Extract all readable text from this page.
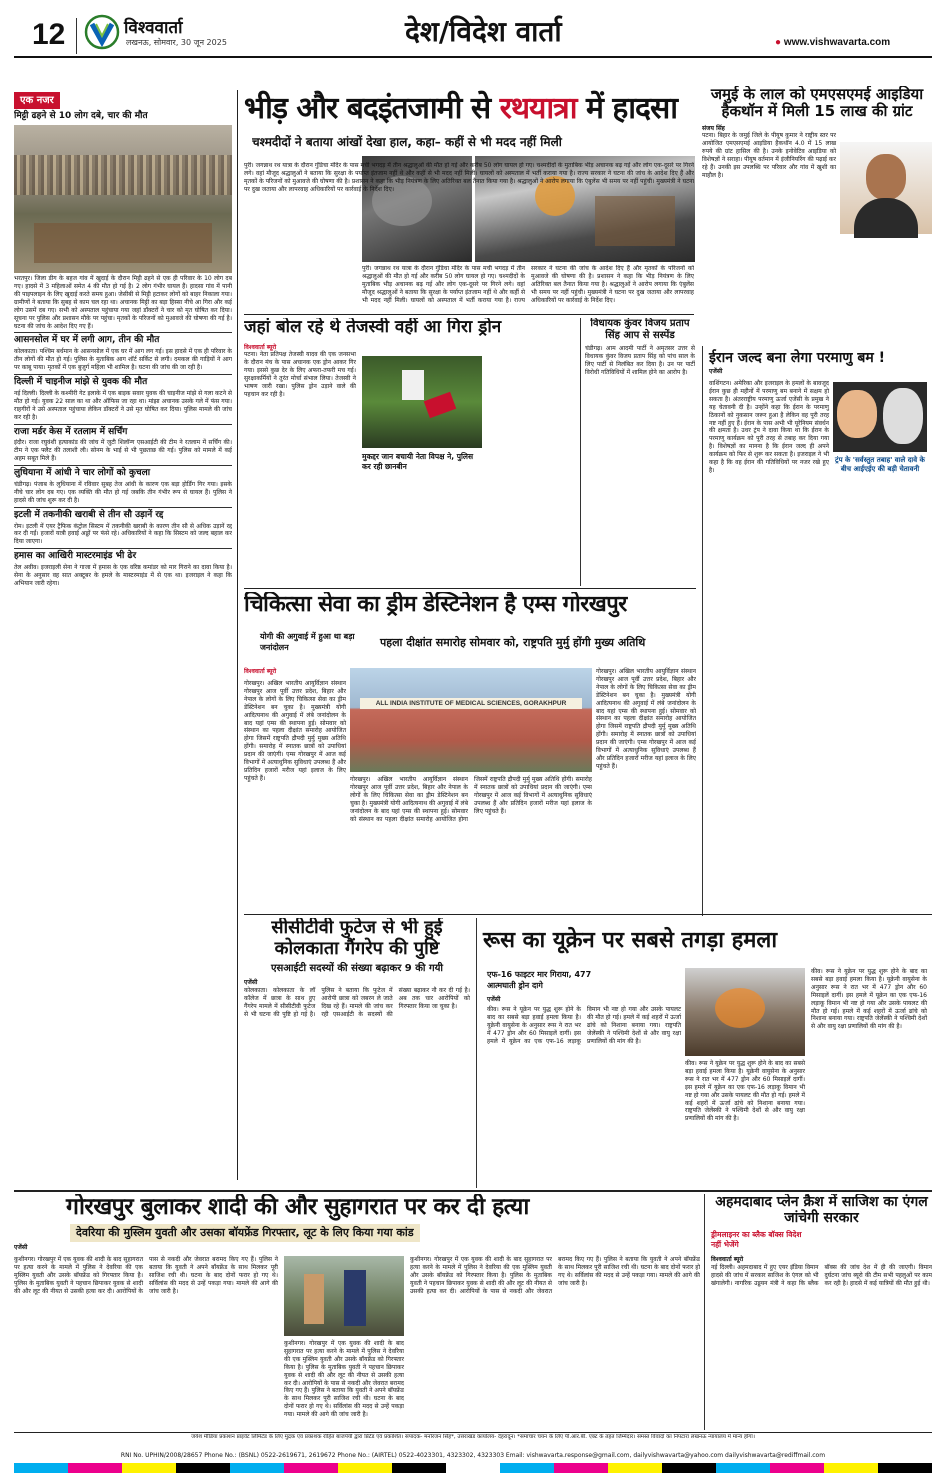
12	विश्ववार्ता
लखनऊ, सोमवार, 30 जून 2025	देश/विदेश वार्ता	● www.vishwavarta.com
एक नजर
मिट्टी ढहने से 10 लोग दबे, चार की मौत
भरतपुर। जिला डीग के बहज गांव में खुदाई के दौरान मिट्टी ढहने से एक ही परिवार के 10 लोग दब गए। हादसे में 3 महिलाओं समेत 4 की मौत हो गई है। 2 लोग गंभीर घायल हैं। हादसा गांव में पानी की पाइपलाइन के लिए खुदाई करते समय हुआ। जेसीबी से मिट्टी हटाकर लोगों को बाहर निकाला गया। ग्रामीणों ने बताया कि सुबह से काम चल रहा था। अचानक मिट्टी का बड़ा हिस्सा नीचे आ गिरा और कई लोग उसमें दब गए। सभी को अस्पताल पहुंचाया गया जहां डॉक्टरों ने चार को मृत घोषित कर दिया। सूचना पर पुलिस और प्रशासन मौके पर पहुंचा। मृतकों के परिजनों को मुआवजे की घोषणा की गई है। घटना की जांच के आदेश दिए गए हैं।
आसनसोल में घर में लगी आग, तीन की मौत
कोलकाता। पश्चिम बर्धमान के आसनसोल में एक घर में आग लग गई। इस हादसे में एक ही परिवार के तीन लोगों की मौत हो गई। पुलिस के मुताबिक आग शॉर्ट सर्किट से लगी। दमकल की गाड़ियों ने आग पर काबू पाया। मृतकों में एक बुजुर्ग महिला भी शामिल है। घटना की जांच की जा रही है।
दिल्ली में चाइनीज मांझे से युवक की मौत
नई दिल्ली। दिल्ली के कश्मीरी गेट इलाके में एक बाइक सवार युवक की चाइनीज मांझे से गला कटने से मौत हो गई। युवक 22 साल का था और ऑफिस जा रहा था। मांझा अचानक उसके गले में फंस गया। राहगीरों ने उसे अस्पताल पहुंचाया लेकिन डॉक्टरों ने उसे मृत घोषित कर दिया। पुलिस मामले की जांच कर रही है।
राजा मर्डर केस में रतलाम में सर्चिंग
इंदौर। राजा रघुवंशी हत्याकांड की जांच में जुटी शिलॉन्ग एसआईटी की टीम ने रतलाम में सर्चिंग की। टीम ने एक फ्लैट की तलाशी ली। सोनम के भाई से भी पूछताछ की गई। पुलिस को मामले में कई अहम सबूत मिले हैं।
लुधियाना में आंधी ने चार लोगों को कुचला
चंडीगढ़। पंजाब के लुधियाना में रविवार सुबह तेज आंधी के कारण एक बड़ा होर्डिंग गिर गया। इसके नीचे चार लोग दब गए। एक व्यक्ति की मौत हो गई जबकि तीन गंभीर रूप से घायल हैं। पुलिस ने हादसे की जांच शुरू कर दी है।
इटली में तकनीकी खराबी से तीन सौ उड़ानें रद्द
रोम। इटली में एयर ट्रैफिक कंट्रोल सिस्टम में तकनीकी खराबी के कारण तीन सौ से अधिक उड़ानें रद्द कर दी गईं। हजारों यात्री हवाई अड्डों पर फंसे रहे। अधिकारियों ने कहा कि सिस्टम को जल्द बहाल कर दिया जाएगा।
हमास का आखिरी मास्टरमाइंड भी ढेर
तेल अवीव। इजराइली सेना ने गाजा में हमास के एक वरिष्ठ कमांडर को मार गिराने का दावा किया है। सेना के अनुसार वह सात अक्टूबर के हमले के मास्टरमाइंड में से एक था। इजराइल ने कहा कि अभियान जारी रहेगा।
भीड़ और बदइंतजामी से रथयात्रा में हादसा
चश्मदीदों ने बताया आंखों देखा हाल, कहा– कहीं से भी मदद नहीं मिली
पुरी। जगन्नाथ रथ यात्रा के दौरान गुंडिचा मंदिर के पास मची भगदड़ में तीन श्रद्धालुओं की मौत हो गई और करीब 50 लोग घायल हो गए। चश्मदीदों के मुताबिक भीड़ अचानक बढ़ गई और लोग एक-दूसरे पर गिरने लगे। वहां मौजूद श्रद्धालुओं ने बताया कि सुरक्षा के पर्याप्त इंतजाम नहीं थे और कहीं से भी मदद नहीं मिली। घायलों को अस्पताल में भर्ती कराया गया है। राज्य सरकार ने घटना की जांच के आदेश दिए हैं और मृतकों के परिजनों को मुआवजे की घोषणा की है। प्रशासन ने कहा कि भीड़ नियंत्रण के लिए अतिरिक्त बल तैनात किया गया है। श्रद्धालुओं ने आरोप लगाया कि एंबुलेंस भी समय पर नहीं पहुंची। मुख्यमंत्री ने घटना पर दुख जताया और लापरवाह अधिकारियों पर कार्रवाई के निर्देश दिए।
पुरी। जगन्नाथ रथ यात्रा के दौरान गुंडिचा मंदिर के पास मची भगदड़ में तीन श्रद्धालुओं की मौत हो गई और करीब 50 लोग घायल हो गए। चश्मदीदों के मुताबिक भीड़ अचानक बढ़ गई और लोग एक-दूसरे पर गिरने लगे। वहां मौजूद श्रद्धालुओं ने बताया कि सुरक्षा के पर्याप्त इंतजाम नहीं थे और कहीं से भी मदद नहीं मिली। घायलों को अस्पताल में भर्ती कराया गया है। राज्य सरकार ने घटना की जांच के आदेश दिए हैं और मृतकों के परिजनों को मुआवजे की घोषणा की है। प्रशासन ने कहा कि भीड़ नियंत्रण के लिए अतिरिक्त बल तैनात किया गया है। श्रद्धालुओं ने आरोप लगाया कि एंबुलेंस भी समय पर नहीं पहुंची। मुख्यमंत्री ने घटना पर दुख जताया और लापरवाह अधिकारियों पर कार्रवाई के निर्देश दिए।
जमुई के लाल को एमएसएमई आइडिया हैकथॉन में मिली 15 लाख की ग्रांट
संजय सिंह
पटना। बिहार के जमुई जिले के पीयूष कुमार ने राष्ट्रीय स्तर पर आयोजित एमएसएमई आइडिया हैकथॉन 4.0 में 15 लाख रुपये की ग्रांट हासिल की है। उनके इनोवेटिव आइडिया को विशेषज्ञों ने सराहा। पीयूष वर्तमान में इंजीनियरिंग की पढ़ाई कर रहे हैं। उनकी इस उपलब्धि पर परिवार और गांव में खुशी का माहौल है।
जहां बोल रहे थे तेजस्वी वहीं आ गिरा ड्रोन
विश्ववार्ता ब्यूरो
पटना। नेता प्रतिपक्ष तेजस्वी यादव की एक जनसभा के दौरान मंच के पास अचानक एक ड्रोन आकर गिर गया। इससे कुछ देर के लिए अफरा-तफरी मच गई। सुरक्षाकर्मियों ने तुरंत मोर्चा संभाल लिया। तेजस्वी ने भाषण जारी रखा। पुलिस ड्रोन उड़ाने वाले की पहचान कर रही है।
मुकद्दर जान बचायी नेता विपक्ष ने, पुलिस कर रही छानबीन
विधायक कुंवर विजय प्रताप सिंह आप से सस्पेंड
चंडीगढ़। आम आदमी पार्टी ने अमृतसर उत्तर से विधायक कुंवर विजय प्रताप सिंह को पांच साल के लिए पार्टी से निलंबित कर दिया है। उन पर पार्टी विरोधी गतिविधियों में शामिल होने का आरोप है।
ईरान जल्द बना लेगा परमाणु बम !
एजेंसी
ट्रंप के 'सर्वस्तुत तबाह' वाले दावे के बीच आईएईए की बड़ी चेतावनी
वाशिंगटन। अमेरिका और इजराइल के हमलों के बावजूद ईरान कुछ ही महीनों में परमाणु बम बनाने में सक्षम हो सकता है। अंतरराष्ट्रीय परमाणु ऊर्जा एजेंसी के प्रमुख ने यह चेतावनी दी है। उन्होंने कहा कि ईरान के परमाणु ठिकानों को नुकसान जरूर हुआ है लेकिन वह पूरी तरह नष्ट नहीं हुए हैं। ईरान के पास अभी भी यूरेनियम संवर्धन की क्षमता है। उधर ट्रंप ने दावा किया था कि ईरान के परमाणु कार्यक्रम को पूरी तरह से तबाह कर दिया गया है। विशेषज्ञों का मानना है कि ईरान जल्द ही अपने कार्यक्रम को फिर से शुरू कर सकता है। इजराइल ने भी कहा है कि वह ईरान की गतिविधियों पर नजर रखे हुए है।
चिकित्सा सेवा का ड्रीम डेस्टिनेशन है एम्स गोरखपुर
योगी की अगुवाई में हुआ था बड़ा जनांदोलन	पहला दीक्षांत समारोह सोमवार को, राष्ट्रपति मुर्मु होंगी मुख्य अतिथि
विश्ववार्ता ब्यूरो
गोरखपुर। अखिल भारतीय आयुर्विज्ञान संस्थान गोरखपुर आज पूर्वी उत्तर प्रदेश, बिहार और नेपाल के लोगों के लिए चिकित्सा सेवा का ड्रीम डेस्टिनेशन बन चुका है। मुख्यमंत्री योगी आदित्यनाथ की अगुवाई में लंबे जनांदोलन के बाद यहां एम्स की स्थापना हुई। सोमवार को संस्थान का पहला दीक्षांत समारोह आयोजित होगा जिसमें राष्ट्रपति द्रौपदी मुर्मु मुख्य अतिथि होंगी। समारोह में स्नातक छात्रों को उपाधियां प्रदान की जाएंगी। एम्स गोरखपुर में आज कई विभागों में अत्याधुनिक सुविधाएं उपलब्ध हैं और प्रतिदिन हजारों मरीज यहां इलाज के लिए पहुंचते हैं।
ALL INDIA INSTITUTE OF MEDICAL SCIENCES, GORAKHPUR
गोरखपुर। अखिल भारतीय आयुर्विज्ञान संस्थान गोरखपुर आज पूर्वी उत्तर प्रदेश, बिहार और नेपाल के लोगों के लिए चिकित्सा सेवा का ड्रीम डेस्टिनेशन बन चुका है। मुख्यमंत्री योगी आदित्यनाथ की अगुवाई में लंबे जनांदोलन के बाद यहां एम्स की स्थापना हुई। सोमवार को संस्थान का पहला दीक्षांत समारोह आयोजित होगा जिसमें राष्ट्रपति द्रौपदी मुर्मु मुख्य अतिथि होंगी। समारोह में स्नातक छात्रों को उपाधियां प्रदान की जाएंगी। एम्स गोरखपुर में आज कई विभागों में अत्याधुनिक सुविधाएं उपलब्ध हैं और प्रतिदिन हजारों मरीज यहां इलाज के लिए पहुंचते हैं।
गोरखपुर। अखिल भारतीय आयुर्विज्ञान संस्थान गोरखपुर आज पूर्वी उत्तर प्रदेश, बिहार और नेपाल के लोगों के लिए चिकित्सा सेवा का ड्रीम डेस्टिनेशन बन चुका है। मुख्यमंत्री योगी आदित्यनाथ की अगुवाई में लंबे जनांदोलन के बाद यहां एम्स की स्थापना हुई। सोमवार को संस्थान का पहला दीक्षांत समारोह आयोजित होगा जिसमें राष्ट्रपति द्रौपदी मुर्मु मुख्य अतिथि होंगी। समारोह में स्नातक छात्रों को उपाधियां प्रदान की जाएंगी। एम्स गोरखपुर में आज कई विभागों में अत्याधुनिक सुविधाएं उपलब्ध हैं और प्रतिदिन हजारों मरीज यहां इलाज के लिए पहुंचते हैं।
सीसीटीवी फुटेज से भी हुई कोलकाता गैंगरेप की पुष्टि
एसआईटी सदस्यों की संख्या बढ़ाकर 9 की गयी
एजेंसी
कोलकाता। कोलकाता के लॉ कॉलेज में छात्रा के साथ हुए गैंगरेप मामले में सीसीटीवी फुटेज से भी घटना की पुष्टि हो गई है। पुलिस ने बताया कि फुटेज में आरोपी छात्रा को जबरन ले जाते दिख रहे हैं। मामले की जांच कर रही एसआईटी के सदस्यों की संख्या बढ़ाकर नौ कर दी गई है। अब तक चार आरोपियों को गिरफ्तार किया जा चुका है।
रूस का यूक्रेन पर सबसे तगड़ा हमला
एफ-16 फाइटर मार गिराया, 477 आत्मघाती ड्रोन दागे
एजेंसी
कीव। रूस ने यूक्रेन पर युद्ध शुरू होने के बाद का सबसे बड़ा हवाई हमला किया है। यूक्रेनी वायुसेना के अनुसार रूस ने रात भर में 477 ड्रोन और 60 मिसाइलें दागीं। इस हमले में यूक्रेन का एक एफ-16 लड़ाकू विमान भी नष्ट हो गया और उसके पायलट की मौत हो गई। हमले में कई शहरों में ऊर्जा ढांचे को निशाना बनाया गया। राष्ट्रपति जेलेंस्की ने पश्चिमी देशों से और वायु रक्षा प्रणालियों की मांग की है।
कीव। रूस ने यूक्रेन पर युद्ध शुरू होने के बाद का सबसे बड़ा हवाई हमला किया है। यूक्रेनी वायुसेना के अनुसार रूस ने रात भर में 477 ड्रोन और 60 मिसाइलें दागीं। इस हमले में यूक्रेन का एक एफ-16 लड़ाकू विमान भी नष्ट हो गया और उसके पायलट की मौत हो गई। हमले में कई शहरों में ऊर्जा ढांचे को निशाना बनाया गया। राष्ट्रपति जेलेंस्की ने पश्चिमी देशों से और वायु रक्षा प्रणालियों की मांग की है।
कीव। रूस ने यूक्रेन पर युद्ध शुरू होने के बाद का सबसे बड़ा हवाई हमला किया है। यूक्रेनी वायुसेना के अनुसार रूस ने रात भर में 477 ड्रोन और 60 मिसाइलें दागीं। इस हमले में यूक्रेन का एक एफ-16 लड़ाकू विमान भी नष्ट हो गया और उसके पायलट की मौत हो गई। हमले में कई शहरों में ऊर्जा ढांचे को निशाना बनाया गया। राष्ट्रपति जेलेंस्की ने पश्चिमी देशों से और वायु रक्षा प्रणालियों की मांग की है।
गोरखपुर बुलाकर शादी की और सुहागरात पर कर दी हत्या
देवरिया की मुस्लिम युवती और उसका बॉयफ्रेंड गिरफ्तार, लूट के लिए किया गया कांड
एजेंसी
कुशीनगर। गोरखपुर में एक युवक की शादी के बाद सुहागरात पर हत्या करने के मामले में पुलिस ने देवरिया की एक मुस्लिम युवती और उसके बॉयफ्रेंड को गिरफ्तार किया है। पुलिस के मुताबिक युवती ने पहचान छिपाकर युवक से शादी की और लूट की नीयत से उसकी हत्या कर दी। आरोपियों के पास से नकदी और जेवरात बरामद किए गए हैं। पुलिस ने बताया कि युवती ने अपने बॉयफ्रेंड के साथ मिलकर पूरी साजिश रची थी। घटना के बाद दोनों फरार हो गए थे। सर्विलांस की मदद से उन्हें पकड़ा गया। मामले की आगे की जांच जारी है।
कुशीनगर। गोरखपुर में एक युवक की शादी के बाद सुहागरात पर हत्या करने के मामले में पुलिस ने देवरिया की एक मुस्लिम युवती और उसके बॉयफ्रेंड को गिरफ्तार किया है। पुलिस के मुताबिक युवती ने पहचान छिपाकर युवक से शादी की और लूट की नीयत से उसकी हत्या कर दी। आरोपियों के पास से नकदी और जेवरात बरामद किए गए हैं। पुलिस ने बताया कि युवती ने अपने बॉयफ्रेंड के साथ मिलकर पूरी साजिश रची थी। घटना के बाद दोनों फरार हो गए थे। सर्विलांस की मदद से उन्हें पकड़ा गया। मामले की आगे की जांच जारी है।
कुशीनगर। गोरखपुर में एक युवक की शादी के बाद सुहागरात पर हत्या करने के मामले में पुलिस ने देवरिया की एक मुस्लिम युवती और उसके बॉयफ्रेंड को गिरफ्तार किया है। पुलिस के मुताबिक युवती ने पहचान छिपाकर युवक से शादी की और लूट की नीयत से उसकी हत्या कर दी। आरोपियों के पास से नकदी और जेवरात बरामद किए गए हैं। पुलिस ने बताया कि युवती ने अपने बॉयफ्रेंड के साथ मिलकर पूरी साजिश रची थी। घटना के बाद दोनों फरार हो गए थे। सर्विलांस की मदद से उन्हें पकड़ा गया। मामले की आगे की जांच जारी है।
अहमदाबाद प्लेन क्रैश में साजिश का एंगल जांचेगी सरकार
ड्रीमलाइनर का ब्लैक बॉक्स विदेश नहीं भेजेंगे
विश्ववार्ता ब्यूरो
नई दिल्ली। अहमदाबाद में हुए एयर इंडिया विमान हादसे की जांच में सरकार साजिश के एंगल को भी खंगालेगी। नागरिक उड्डयन मंत्री ने कहा कि ब्लैक बॉक्स की जांच देश में ही की जाएगी। विमान दुर्घटना जांच ब्यूरो की टीम सभी पहलुओं पर काम कर रही है। हादसे में कई यात्रियों की मौत हुई थी।
जयेश मीडिया प्रकाशन प्राइवेट लिमिटेड के लिए मुद्रक एवं प्रकाशक रोहित बाजपेयी द्वारा प्रिंटेड एवं प्रकाशित। संपादक- मनोरंजन सिंह*, उत्तराखंड कार्यालय- देहरादून। *समाचार चयन के लिए पी.आर.बी. एक्ट के तहत जिम्मेदार। समस्त विवादों का निपटारा लखनऊ न्यायालय में मान्य होगा।
RNI No. UPHIN/2008/28657 Phone No.: (BSNL) 0522-2619671, 2619672 Phone No.: (AIRTEL) 0522-4023301, 4323302, 4323303 Email: vishwavarta.response@gmail.com, dailyvishwavarta@yahoo.com dailyvishwavarta@rediffmail.com
